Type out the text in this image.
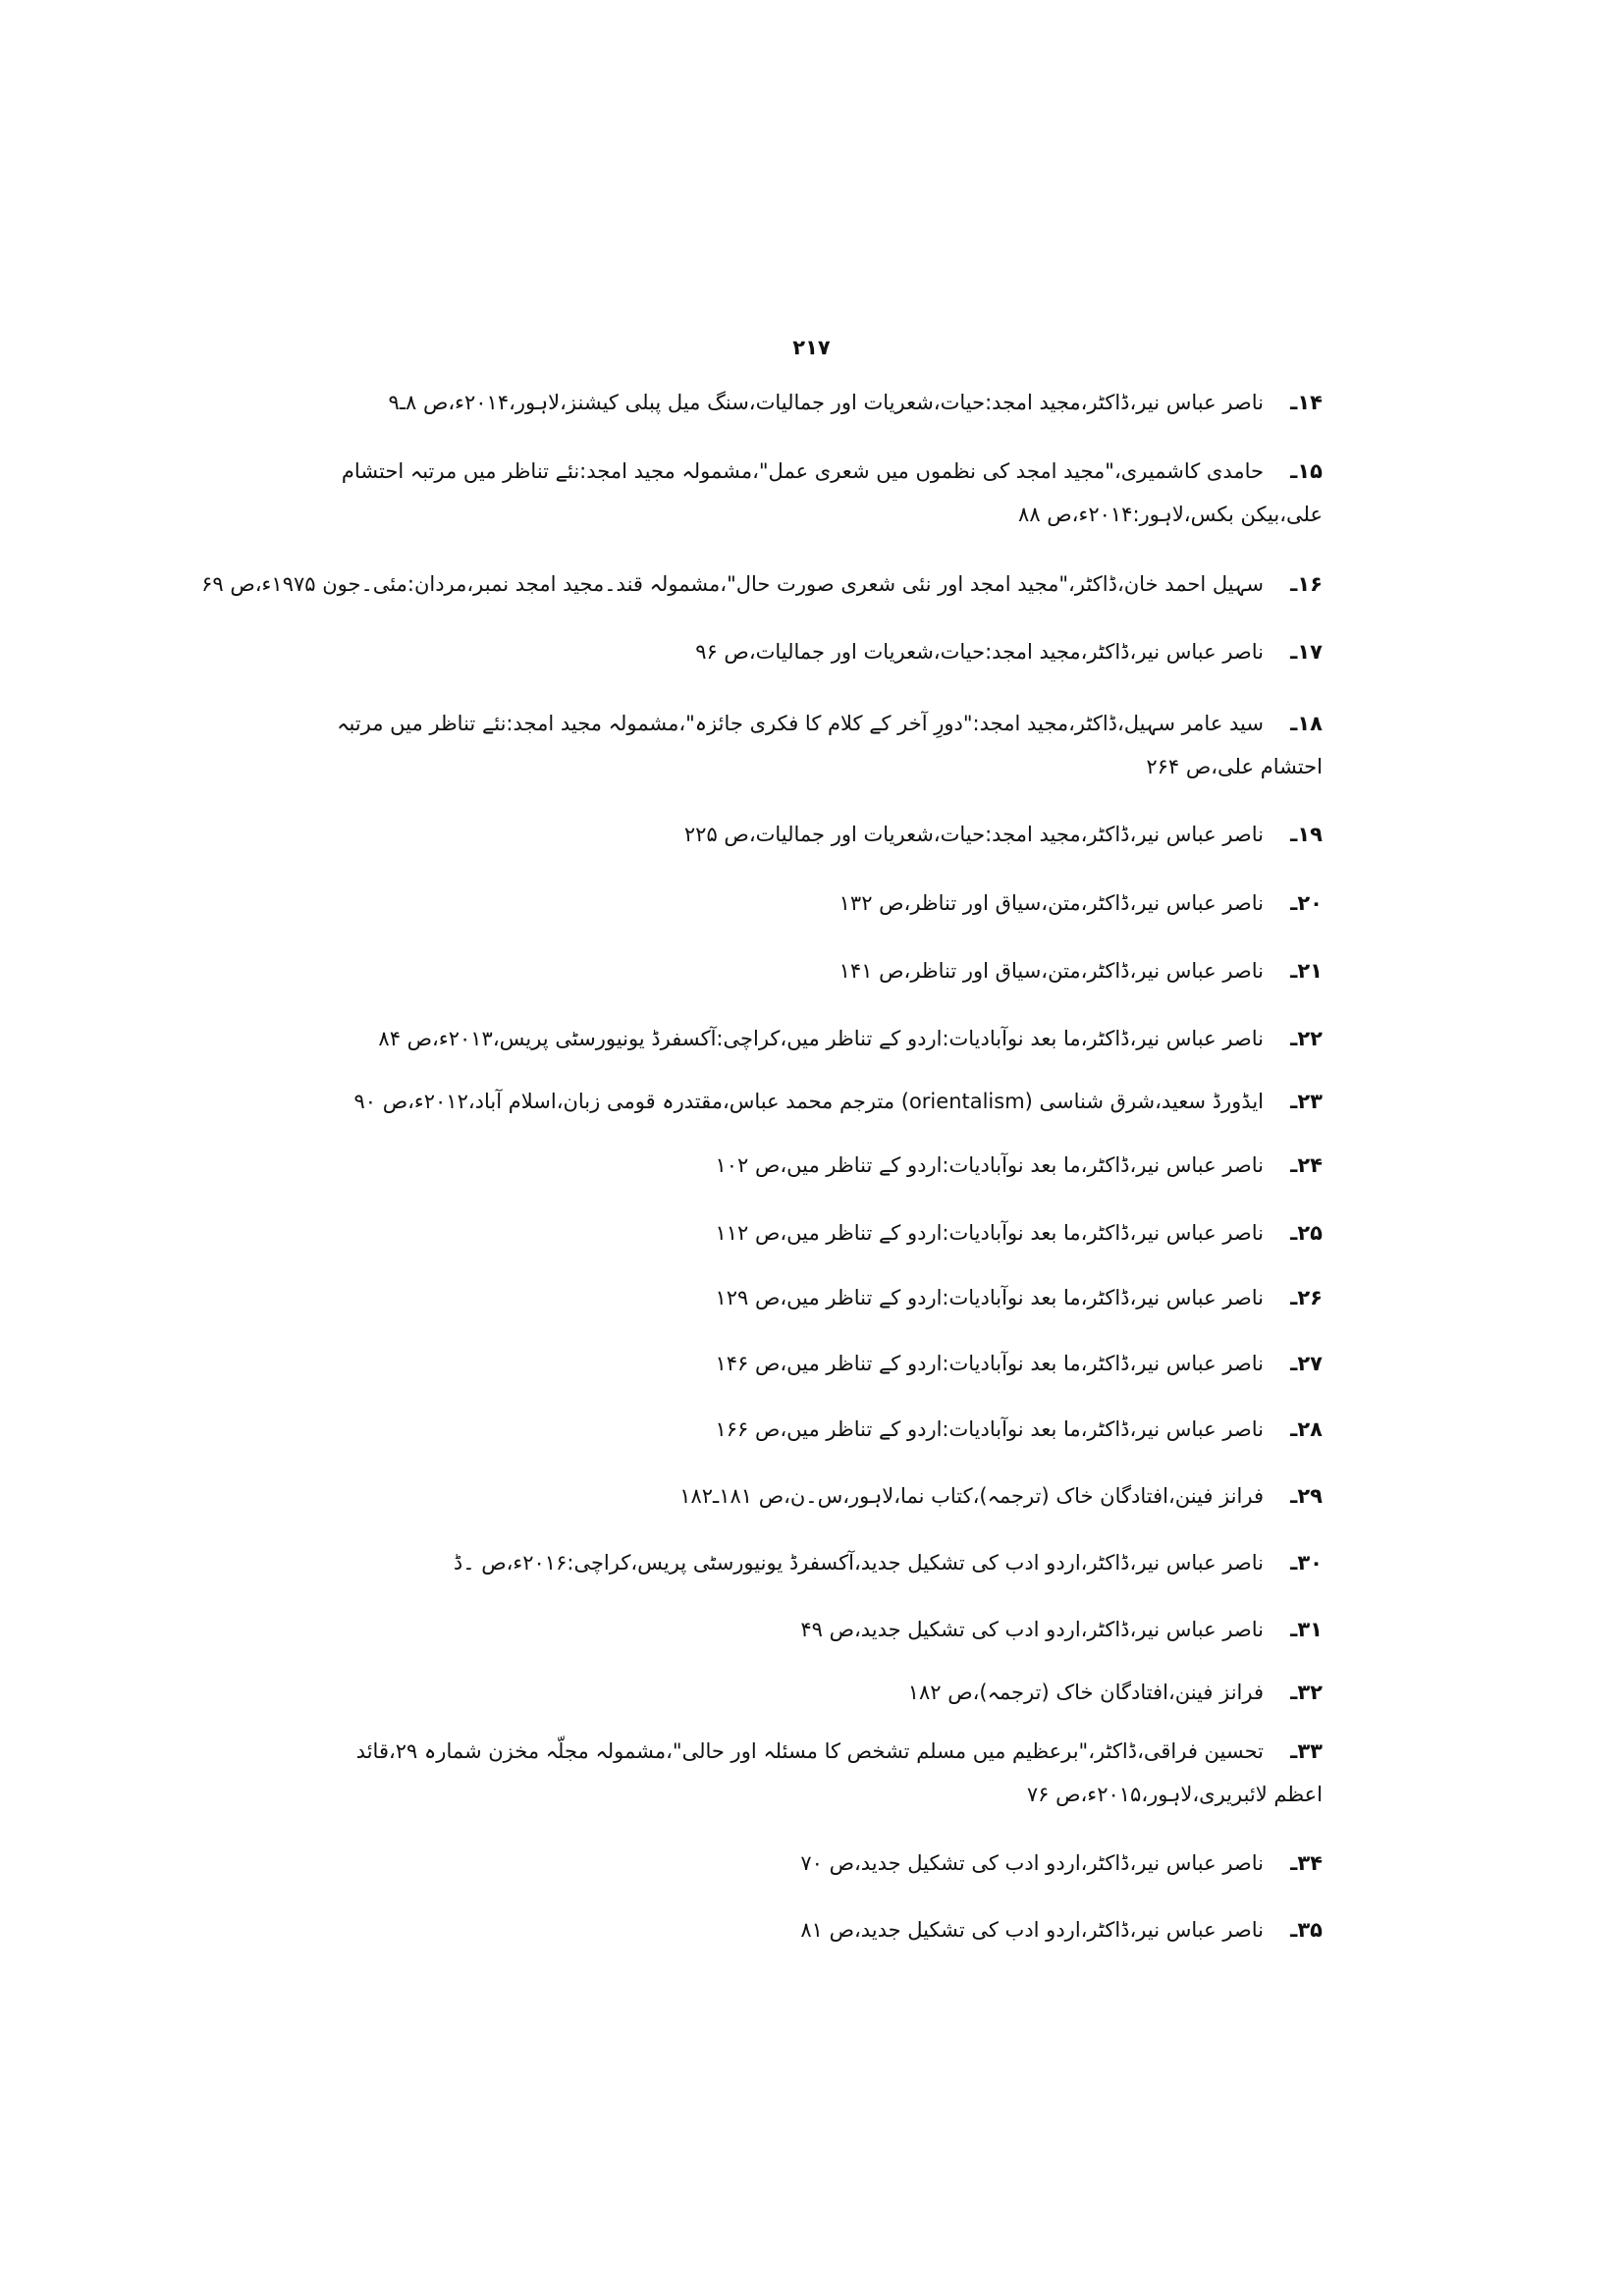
۲۱۷
۱۴ـناصر عباس نیر،ڈاکٹر،مجید امجد:حیات،شعریات اور جمالیات،سنگ میل پبلی کیشنز،لاہور،۲۰۱۴ء،ص ۸ـ۹
۱۵ـحامدی کاشمیری،"مجید امجد کی نظموں میں شعری عمل"،مشمولہ مجید امجد:نئے تناظر میں مرتبہ احتشام علی،بیکن بکس،لاہور:۲۰۱۴ء،ص ۸۸
۱۶ـسہیل احمد خان،ڈاکٹر،"مجید امجد اور نئی شعری صورت حال"،مشمولہ قند۔مجید امجد نمبر،مردان:مئی۔جون ۱۹۷۵ء،ص ۶۹
۱۷ـناصر عباس نیر،ڈاکٹر،مجید امجد:حیات،شعریات اور جمالیات،ص ۹۶
۱۸ـسید عامر سہیل،ڈاکٹر،مجید امجد:"دورِ آخر کے کلام کا فکری جائزہ"،مشمولہ مجید امجد:نئے تناظر میں مرتبہ احتشام علی،ص ۲۶۴
۱۹ـناصر عباس نیر،ڈاکٹر،مجید امجد:حیات،شعریات اور جمالیات،ص ۲۲۵
۲۰ـناصر عباس نیر،ڈاکٹر،متن،سیاق اور تناظر،ص ۱۳۲
۲۱ـناصر عباس نیر،ڈاکٹر،متن،سیاق اور تناظر،ص ۱۴۱
۲۲ـناصر عباس نیر،ڈاکٹر،ما بعد نوآبادیات:اردو کے تناظر میں،کراچی:آکسفرڈ یونیورسٹی پریس،۲۰۱۳ء،ص ۸۴
۲۳ـایڈورڈ سعید،شرق شناسی (orientalism) مترجم محمد عباس،مقتدرہ قومی زبان،اسلام آباد،۲۰۱۲ء،ص ۹۰
۲۴ـناصر عباس نیر،ڈاکٹر،ما بعد نوآبادیات:اردو کے تناظر میں،ص ۱۰۲
۲۵ـناصر عباس نیر،ڈاکٹر،ما بعد نوآبادیات:اردو کے تناظر میں،ص ۱۱۲
۲۶ـناصر عباس نیر،ڈاکٹر،ما بعد نوآبادیات:اردو کے تناظر میں،ص ۱۲۹
۲۷ـناصر عباس نیر،ڈاکٹر،ما بعد نوآبادیات:اردو کے تناظر میں،ص ۱۴۶
۲۸ـناصر عباس نیر،ڈاکٹر،ما بعد نوآبادیات:اردو کے تناظر میں،ص ۱۶۶
۲۹ـفرانز فینن،افتادگان خاک (ترجمہ)،کتاب نما،لاہور،س۔ن،ص ۱۸۱ـ۱۸۲
۳۰ـناصر عباس نیر،ڈاکٹر،اردو ادب کی تشکیل جدید،آکسفرڈ یونیورسٹی پریس،کراچی:۲۰۱۶ء،ص ۔ڈ
۳۱ـناصر عباس نیر،ڈاکٹر،اردو ادب کی تشکیل جدید،ص ۴۹
۳۲ـفرانز فینن،افتادگان خاک (ترجمہ)،ص ۱۸۲
۳۳ـتحسین فراقی،ڈاکٹر،"برعظیم میں مسلم تشخص کا مسئلہ اور حالی"،مشمولہ مجلّہ مخزن شمارہ ۲۹،قائد اعظم لائبریری،لاہور،۲۰۱۵ء،ص ۷۶
۳۴ـناصر عباس نیر،ڈاکٹر،اردو ادب کی تشکیل جدید،ص ۷۰
۳۵ـناصر عباس نیر،ڈاکٹر،اردو ادب کی تشکیل جدید،ص ۸۱
